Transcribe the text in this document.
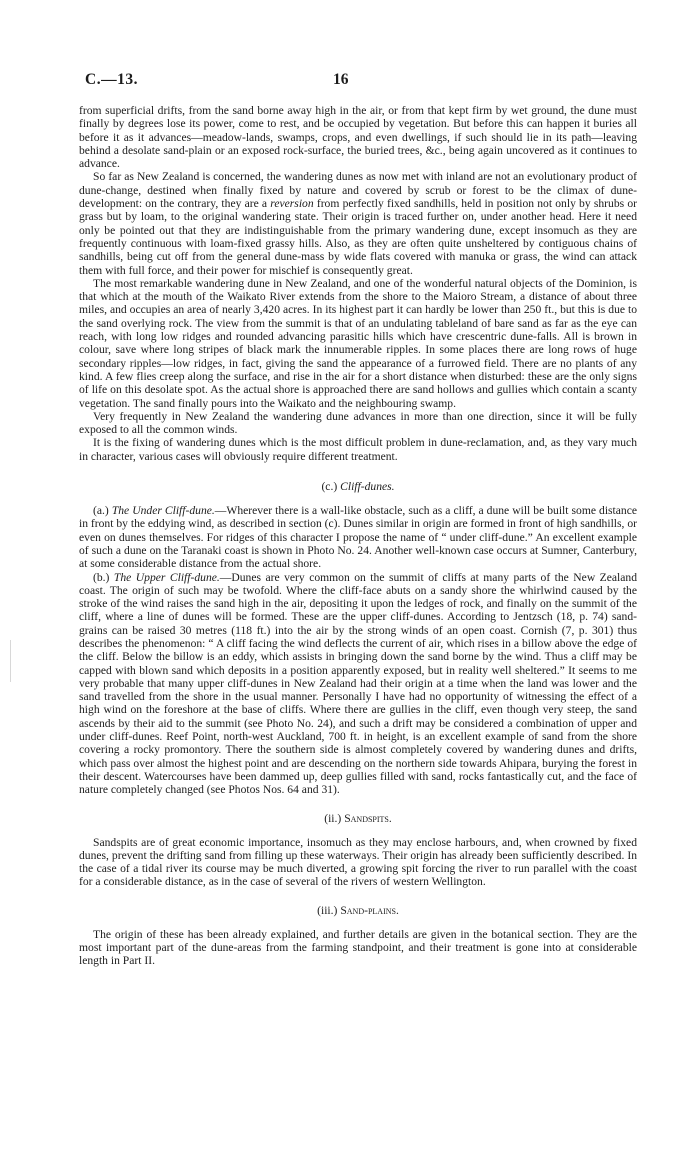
C.—13.	16

from superficial drifts, from the sand borne away high in the air, or from that kept firm by wet ground, the dune must finally by degrees lose its power, come to rest, and be occupied by vegetation. But before this can happen it buries all before it as it advances—meadow-lands, swamps, crops, and even dwellings, if such should lie in its path—leaving behind a desolate sand-plain or an exposed rock-surface, the buried trees, &c., being again uncovered as it continues to advance.

So far as New Zealand is concerned, the wandering dunes as now met with inland are not an evolutionary product of dune-change, destined when finally fixed by nature and covered by scrub or forest to be the climax of dune-development: on the contrary, they are a reversion from perfectly fixed sandhills, held in position not only by shrubs or grass but by loam, to the original wandering state. Their origin is traced further on, under another head. Here it need only be pointed out that they are indistinguishable from the primary wandering dune, except insomuch as they are frequently continuous with loam-fixed grassy hills. Also, as they are often quite unsheltered by contiguous chains of sandhills, being cut off from the general dune-mass by wide flats covered with manuka or grass, the wind can attack them with full force, and their power for mischief is consequently great.

The most remarkable wandering dune in New Zealand, and one of the wonderful natural objects of the Dominion, is that which at the mouth of the Waikato River extends from the shore to the Maioro Stream, a distance of about three miles, and occupies an area of nearly 3,420 acres. In its highest part it can hardly be lower than 250 ft., but this is due to the sand overlying rock. The view from the summit is that of an undulating tableland of bare sand as far as the eye can reach, with long low ridges and rounded advancing parasitic hills which have crescentric dune-falls. All is brown in colour, save where long stripes of black mark the innumerable ripples. In some places there are long rows of huge secondary ripples—low ridges, in fact, giving the sand the appearance of a furrowed field. There are no plants of any kind. A few flies creep along the surface, and rise in the air for a short distance when disturbed: these are the only signs of life on this desolate spot. As the actual shore is approached there are sand hollows and gullies which contain a scanty vegetation. The sand finally pours into the Waikato and the neighbouring swamp.

Very frequently in New Zealand the wandering dune advances in more than one direction, since it will be fully exposed to all the common winds.

It is the fixing of wandering dunes which is the most difficult problem in dune-reclamation, and, as they vary much in character, various cases will obviously require different treatment.

(c.) Cliff-dunes.

(a.) The Under Cliff-dune.—Wherever there is a wall-like obstacle, such as a cliff, a dune will be built some distance in front by the eddying wind, as described in section (c). Dunes similar in origin are formed in front of high sandhills, or even on dunes themselves. For ridges of this character I propose the name of “ under cliff-dune.” An excellent example of such a dune on the Taranaki coast is shown in Photo No. 24. Another well-known case occurs at Sumner, Canterbury, at some considerable distance from the actual shore.

(b.) The Upper Cliff-dune.—Dunes are very common on the summit of cliffs at many parts of the New Zealand coast. The origin of such may be twofold. Where the cliff-face abuts on a sandy shore the whirlwind caused by the stroke of the wind raises the sand high in the air, depositing it upon the ledges of rock, and finally on the summit of the cliff, where a line of dunes will be formed. These are the upper cliff-dunes. According to Jentzsch (18, p. 74) sand-grains can be raised 30 metres (118 ft.) into the air by the strong winds of an open coast. Cornish (7, p. 301) thus describes the phenomenon: “ A cliff facing the wind deflects the current of air, which rises in a billow above the edge of the cliff. Below the billow is an eddy, which assists in bringing down the sand borne by the wind. Thus a cliff may be capped with blown sand which deposits in a position apparently exposed, but in reality well sheltered.” It seems to me very probable that many upper cliff-dunes in New Zealand had their origin at a time when the land was lower and the sand travelled from the shore in the usual manner. Personally I have had no opportunity of witnessing the effect of a high wind on the foreshore at the base of cliffs. Where there are gullies in the cliff, even though very steep, the sand ascends by their aid to the summit (see Photo No. 24), and such a drift may be considered a combination of upper and under cliff-dunes. Reef Point, north-west Auckland, 700 ft. in height, is an excellent example of sand from the shore covering a rocky promontory. There the southern side is almost completely covered by wandering dunes and drifts, which pass over almost the highest point and are descending on the northern side towards Ahipara, burying the forest in their descent. Watercourses have been dammed up, deep gullies filled with sand, rocks fantastically cut, and the face of nature completely changed (see Photos Nos. 64 and 31).

(ii.) Sandspits.

Sandspits are of great economic importance, insomuch as they may enclose harbours, and, when crowned by fixed dunes, prevent the drifting sand from filling up these waterways. Their origin has already been sufficiently described. In the case of a tidal river its course may be much diverted, a growing spit forcing the river to run parallel with the coast for a considerable distance, as in the case of several of the rivers of western Wellington.

(iii.) Sand-plains.

The origin of these has been already explained, and further details are given in the botanical section. They are the most important part of the dune-areas from the farming standpoint, and their treatment is gone into at considerable length in Part II.
